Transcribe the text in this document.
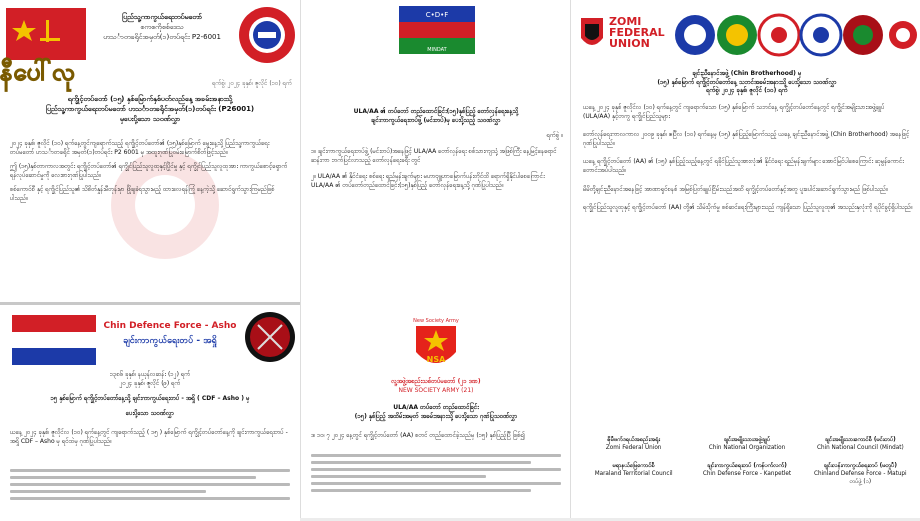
နီပေါ်လု
ပြည်သူ့ကာကွယ်ရေးတပ်မတော်
စကစကိုစစ်ဒေသ
ဟသင်္ာတခရိုင်အမှတ်(၁)တပ်ရင်း P2-6001
ရက်စွဲ၊ ၂၀၂၄ ခုနှစ်၊ ဇူလိုင် (၁၀) ရက်
ရက္ခိုင့်တပ်တော် (၁၅) နှစ်မြောက်နှစ်ပတ်လည်နေ့ အခမ်းအနားသို့
ပြည်သူ့ကာကွယ်ရေးတပ်မတော် ဟသင်္ာတခရိုင်အမှတ်(၁)တပ်ရင်း (P26001)
မှပေးပို့သော သဝဏ်လွှာ

၂၀၂၄ ခုနှစ်၊ ဇူလိုင် (၁၀) ရက်နေ့တွင်ကျရောက်သည့် ရက္ခိုင့်တပ်တော်၏ (၁၅)နှစ်မြောက် မွေးနေ့သို့ ပြည်သူ့ကာကွယ်ရေးတပ်မတော် ဟသင်္ာတခရိုင် အမှတ်(၁)တပ်ရင်း P2 6001 မှ အထူးဂုဏ်ပြုဝမ်းမြောက်စိတ်ဖြင့်သည်။

ဤ (၁၅)နှစ်တာကာလအတွင်း ရက္ခိုင့်တပ်တော်၏ ရက္ခိုင်ပြည်သူလူထုနှင့်ပြိုင်မှု နှင့် ရက္ခိုင်ပြည်သူလူထုအား ကာကွယ်စောင့်ရှောက်ရန်လုပ်ဆောင်မှုကို လေးစားဂုဏ်ပြုပါသည်။

စစ်ကောင်စီ နှင့် ရက္ခိုင်ပြည်သူ၏ သိစိတ်နှုန်းမီတုန်းမှာ ဖြိုချခံရသွားမည့် ထားလေရန်ကြုံ နေ့ကဲ့သို့ ဆောင်ရွက်သွားကြမည်ဖြစ်ပါသည်။

Chin Defence Force - Asho
ချင်းကာကွယ်ရေးတပ် - အရှို
၁၃၈၆ ခုနှစ်၊ နယုန်လဆန်း (၁၂) ရက်
၂၀၂၄ ခုနှစ်၊ ဇူလိုင် (၉) ရက်
၁၅ နှစ်မြောက် ရက္ခိုင့်တပ်တော်နေ့သို့ ချင်းကာကွယ်ရေးတပ် - အရှို ( CDF – Asho ) မှ
ပေးပို့သော သဝဏ်လွှာ

ယနေ့ ၂၀၂၄ ခုနှစ်၊ ဇူလိုင်လ (၁၀) ရက်နေ့တွင် ကျရောက်သည့် ( ၁၅ ) နှစ်မြောက် ရက္ခိုင့်တပ်တော်နေ့ကို ချင်းကာကွယ်ရေးတပ် - အရှို CDF – Asho မှ ရင်ထဲမှ ဂုဏ်ပြုပါသည်။

C•D•F
MINDAT
ULA/AA ၏ တပ်တော် တည်ထောင်ခြင်း(၁၅)နှစ်ပြည့် တော်လှန်ရေးနေ့သို့
ချင်းကာကွယ်ရေးတပ်ဖွဲ့ (မင်းတပ်)မှ ပေးပို့သည့် သဝဏ်လွှာ
ရက်စွဲ ။

၁။ ချင်းကာကွယ်ရေးတပ်ဖွဲ့ (မင်းတပ်)အနေဖြင့် ULA/AA တော်လှန်ရေး စစ်သားကျသုံ့ အဖြစ်ကြီး နေ့မြင့်နေရောင်ဆန်းကာ ဘက်ပြင်လာသည့် တော်လှန်ရေးခရီး တွင်

၂။ ULA/AA ၏ နိုင်ငံရေး စစ်ရေး ရည်မှန်းချက်များ မဟာဗျူဟာမြောက်ပန်းတိုင်ထိ ရောက်ရှိနိုင်ပါစေကြောင်း ULA/AA ၏ တပ်တော်တည်ထောင်ခြင်း(၁၅)နှစ်ပြည့် တော်လှန်ရေးနေ့သို့ ဂုဏ်ပြုပါသည်။

New Society Army
NSA
လူ့အဖွဲ့အစည်းသစ်တပ်မတော် (၂၁ ဒဏ)
NEW SOCIETY ARMY (21)
ULA/AA တပ်တော် တည်ထောင်ခြင်း
(၁၅) နှစ်ပြည့် အထိမ်းအမှတ် အခမ်းအနားသို့ ပေးပို့သော ဂုဏ်ပြုသဝဏ်လွှာ
ဒ၊ ၁၀၊ ၇ ၂၀၂၄ နေ့တွင် ရက္ခိုင့်တပ်တော် (AA) စတင် တည်ထောင်ခဲ့သည်မှ (၁၅) နှစ်ပြည့်ပြီ ဖြစ်၍
ZOMI
FEDERAL
UNION
ချင်းညီနောင်အဖွဲ့ (Chin Brotherhood) မှ
(၁၅) နှစ်မြောက် ရက္ခိုင့်တပ်တော်နေ့ သဘင်အခမ်းအနားသို့ ပေးပို့သော သဝဏ်လွှာ
ရက်စွဲ၊ ၂၀၂၄ ခုနှစ်၊ ဇူလိုင် (၁၀) ရက်

ယနေ့ ၂၀၂၄ ခုနှစ် ဇူလိုင်လ (၁၀) ရက်နေ့တွင် ကျရောက်သော (၁၅) နှစ်မြောက် သဘင်နေ့ ရက္ခိုင့်တပ်တော်နေ့တွင် ရက္ခိုင်အမျိုးသားအဖွဲ့ချုပ် (ULA/AA) နှင့်တကွ ရက္ခိုင်ပြည်သူများ

တော်လှန်ရေးကာလကာလ ၂၀၀၉ ခုနှစ်၊ ဧပြီလ (၁၀) ရက်နေ့မှ (၁၅) နှစ်ပြည့်မြောက်သည့် ယနေ့ ချင်းညီနောင်အဖွဲ့ (Chin Brotherhood) အနေဖြင့် ဂုဏ်ပြုပါသည်။

ယနေ့ ရက္ခိုင့်တပ်တော် (AA) ၏ (၁၅) နှစ်ပြည့်သည့်နေ့တွင် ရခိုင်ပြည်သူအားလုံး၏ နိုင်ငံရေး ရည်မှန်းချက်များ အောင်မြင်ပါစေကြောင်း ဆုမွန်ကောင်းတောင်းအပ်ပါသည်။

မိမိတို့ချင်းညီနောင်အနေဖြင့် အာဏာရှင်စနစ် အမြစ်ပြတ်ချုပ်ငြိမ်းသည်အထိ ရက္ခိုင့်တပ်တော်နှင့်အတူ ပူးပေါင်းဆောင်ရွက်သွားမည် ဖြစ်ပါသည်။

ရက္ခိုင်ပြည်သူလူထုနှင့် ရက္ခိုင့်တပ်တော် (AA) တို့၏ သိမ်းပိုက်မှု စစ်ဆင်ရေးကြီးများသည် ကျန်ရှိသော ပြည်သူလူထု၏ အသည်းနှလုံးကို ရပိုင်ခွင့်ရှိပါသည်။

ဇိုမီဖက်ဒရယ်အစည်းအရုံး
Zomi Federal Union
ချင်းအမျိုးသားအဖွဲ့ချုပ်
Chin National Organization
ချင်းအမျိုးသားကောင်စီ (မင်းတပ်)
Chin National Council (Mindat)
မရာနယ်မြေကောင်စီ
Maraland Territorial Council
ချင်းကာကွယ်ရေးတပ် (ကန်ပက်လက်)
Chin Defense Force - Kanpetlet
ချင်းလန်းကာကွယ်ရေးတပ် (မတူပီ)
Chinland Defense Force - Matupi
တပ်ဖွဲ့ (၁)
